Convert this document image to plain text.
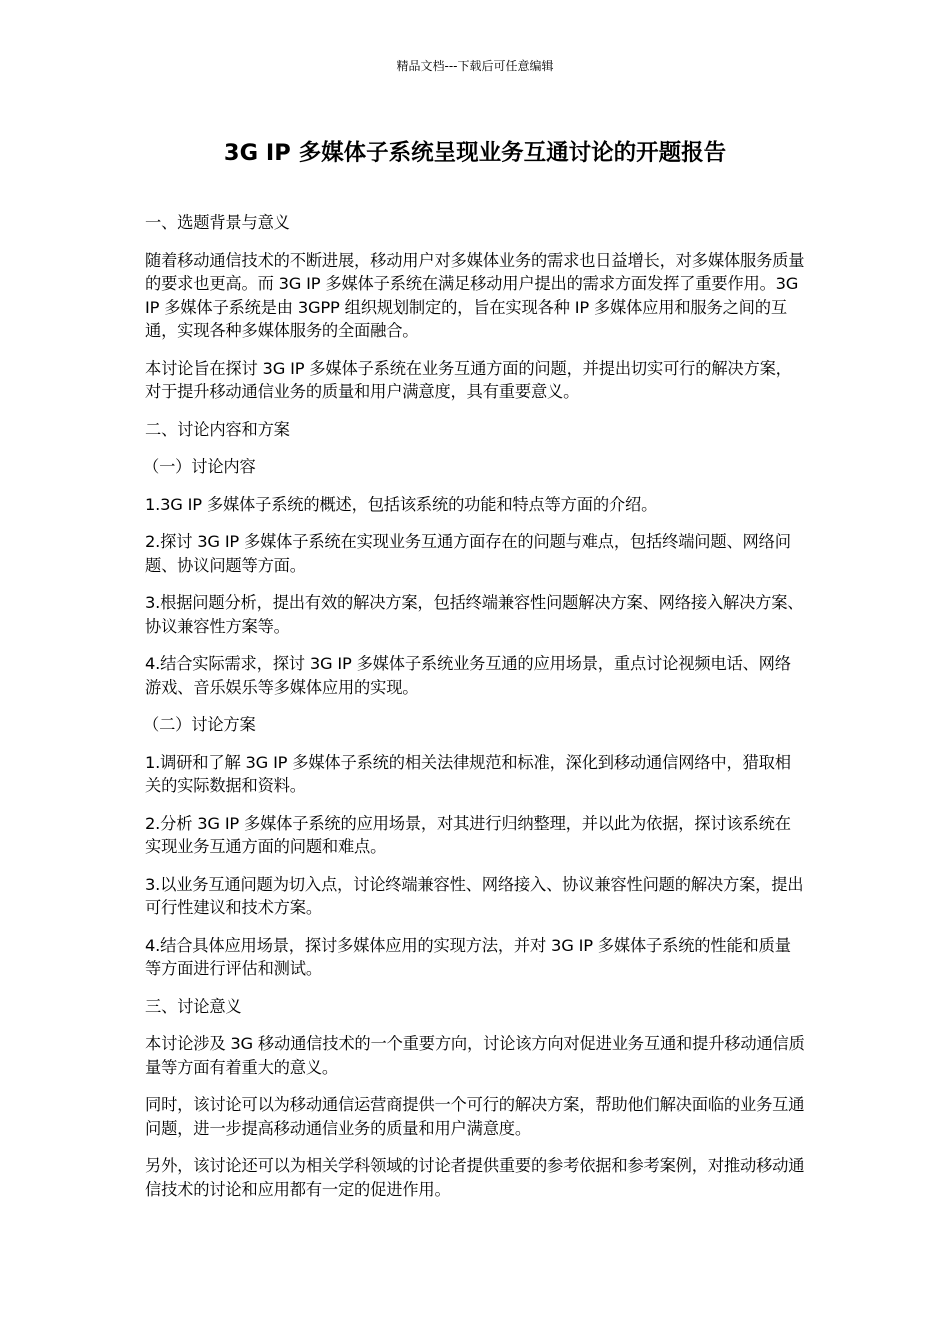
精品文档---下载后可任意编辑
3G IP 多媒体子系统呈现业务互通讨论的开题报告

一、选题背景与意义

随着移动通信技术的不断进展，移动用户对多媒体业务的需求也日益增长，对多媒体服务质量的要求也更高。而 3G IP 多媒体子系统在满足移动用户提出的需求方面发挥了重要作用。3G IP 多媒体子系统是由 3GPP 组织规划制定的，旨在实现各种 IP 多媒体应用和服务之间的互通，实现各种多媒体服务的全面融合。

本讨论旨在探讨 3G IP 多媒体子系统在业务互通方面的问题，并提出切实可行的解决方案，对于提升移动通信业务的质量和用户满意度，具有重要意义。

二、讨论内容和方案

（一）讨论内容

1.3G IP 多媒体子系统的概述，包括该系统的功能和特点等方面的介绍。

2.探讨 3G IP 多媒体子系统在实现业务互通方面存在的问题与难点，包括终端问题、网络问题、协议问题等方面。

3.根据问题分析，提出有效的解决方案，包括终端兼容性问题解决方案、网络接入解决方案、协议兼容性方案等。

4.结合实际需求，探讨 3G IP 多媒体子系统业务互通的应用场景，重点讨论视频电话、网络游戏、音乐娱乐等多媒体应用的实现。

（二）讨论方案

1.调研和了解 3G IP 多媒体子系统的相关法律规范和标准，深化到移动通信网络中，猎取相关的实际数据和资料。

2.分析 3G IP 多媒体子系统的应用场景，对其进行归纳整理，并以此为依据，探讨该系统在实现业务互通方面的问题和难点。

3.以业务互通问题为切入点，讨论终端兼容性、网络接入、协议兼容性问题的解决方案，提出可行性建议和技术方案。

4.结合具体应用场景，探讨多媒体应用的实现方法，并对 3G IP 多媒体子系统的性能和质量等方面进行评估和测试。

三、讨论意义

本讨论涉及 3G 移动通信技术的一个重要方向，讨论该方向对促进业务互通和提升移动通信质量等方面有着重大的意义。

同时，该讨论可以为移动通信运营商提供一个可行的解决方案，帮助他们解决面临的业务互通问题，进一步提高移动通信业务的质量和用户满意度。

另外，该讨论还可以为相关学科领域的讨论者提供重要的参考依据和参考案例，对推动移动通信技术的讨论和应用都有一定的促进作用。
